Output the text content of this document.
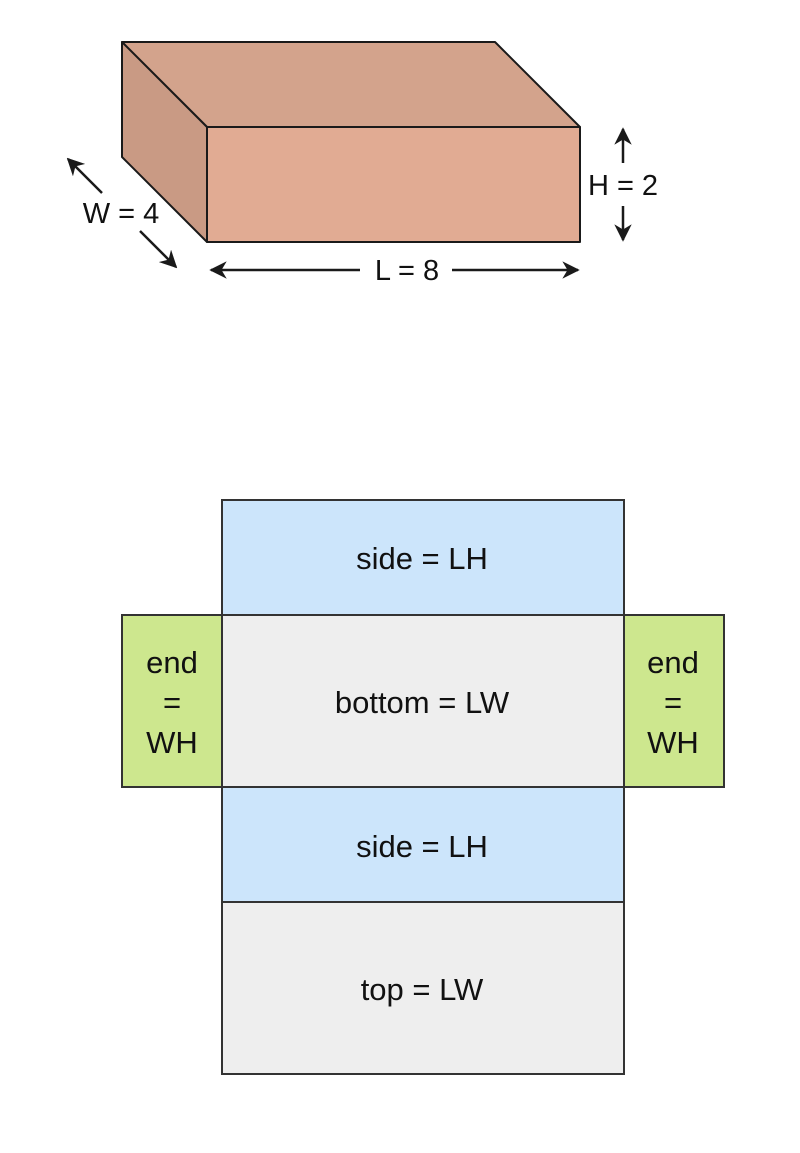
W = 4
L = 8
H = 2
side = LH
bottom = LW
side = LH
top = LW
end
=
WH
end
=
WH
